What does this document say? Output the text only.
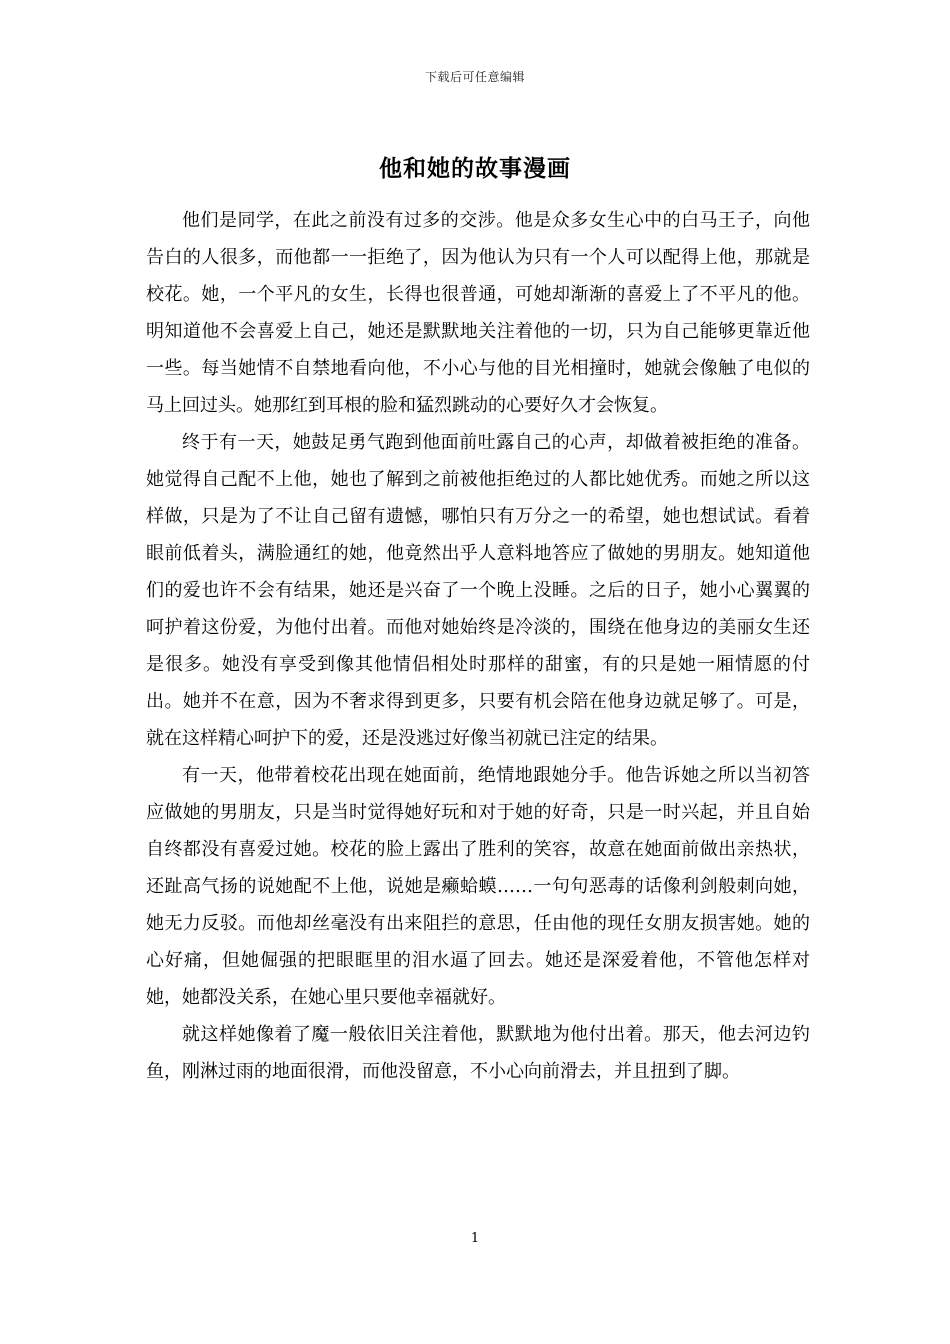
下载后可任意编辑
他和她的故事漫画

他们是同学，在此之前没有过多的交涉。他是众多女生心中的白马王子，向他告白的人很多，而他都一一拒绝了，因为他认为只有一个人可以配得上他，那就是校花。她，一个平凡的女生，长得也很普通，可她却渐渐的喜爱上了不平凡的他。明知道他不会喜爱上自己，她还是默默地关注着他的一切，只为自己能够更靠近他一些。每当她情不自禁地看向他，不小心与他的目光相撞时，她就会像触了电似的马上回过头。她那红到耳根的脸和猛烈跳动的心要好久才会恢复。

终于有一天，她鼓足勇气跑到他面前吐露自己的心声，却做着被拒绝的准备。她觉得自己配不上他，她也了解到之前被他拒绝过的人都比她优秀。而她之所以这样做，只是为了不让自己留有遗憾，哪怕只有万分之一的希望，她也想试试。看着眼前低着头，满脸通红的她，他竟然出乎人意料地答应了做她的男朋友。她知道他们的爱也许不会有结果，她还是兴奋了一个晚上没睡。之后的日子，她小心翼翼的呵护着这份爱，为他付出着。而他对她始终是冷淡的，围绕在他身边的美丽女生还是很多。她没有享受到像其他情侣相处时那样的甜蜜，有的只是她一厢情愿的付出。她并不在意，因为不奢求得到更多，只要有机会陪在他身边就足够了。可是，就在这样精心呵护下的爱，还是没逃过好像当初就已注定的结果。

有一天，他带着校花出现在她面前，绝情地跟她分手。他告诉她之所以当初答应做她的男朋友，只是当时觉得她好玩和对于她的好奇，只是一时兴起，并且自始自终都没有喜爱过她。校花的脸上露出了胜利的笑容，故意在她面前做出亲热状，还趾高气扬的说她配不上他，说她是癞蛤蟆……一句句恶毒的话像利剑般刺向她，她无力反驳。而他却丝毫没有出来阻拦的意思，任由他的现任女朋友损害她。她的心好痛，但她倔强的把眼眶里的泪水逼了回去。她还是深爱着他，不管他怎样对她，她都没关系，在她心里只要他幸福就好。

就这样她像着了魔一般依旧关注着他，默默地为他付出着。那天，他去河边钓鱼，刚淋过雨的地面很滑，而他没留意，不小心向前滑去，并且扭到了脚。

1
